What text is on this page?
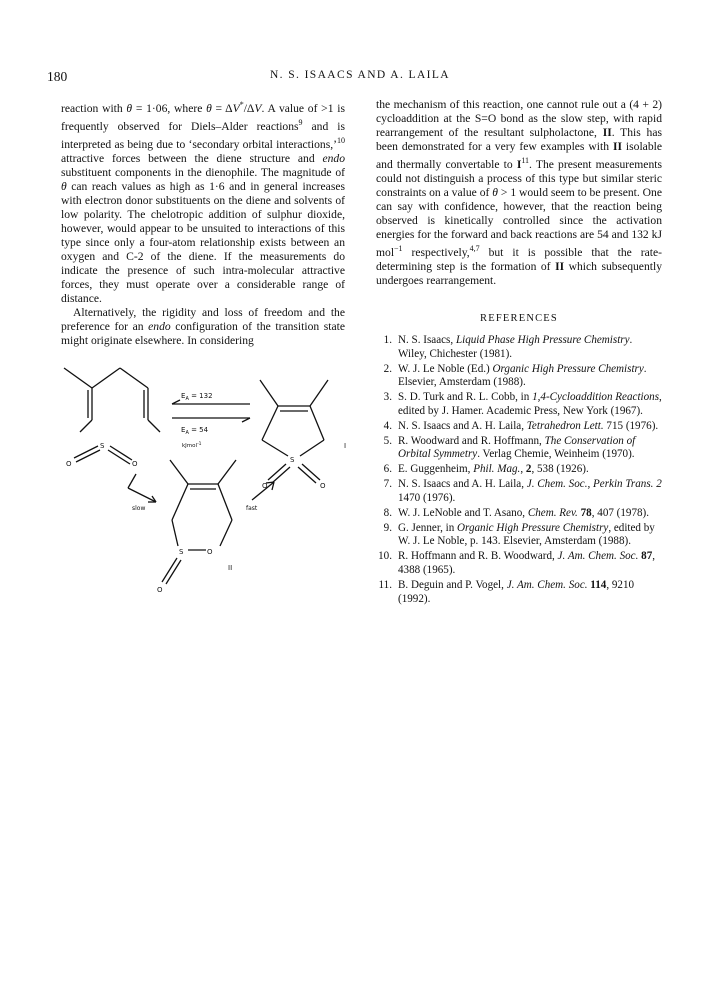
180	N. S. ISAACS AND A. LAILA

reaction with θ = 1·06, where θ = ΔV*/ΔV. A value of >1 is frequently observed for Diels–Alder reactions$^9$ and is interpreted as being due to ‘secondary orbital interactions,’$^{10}$ attractive forces between the diene structure and endo substituent components in the dienophile. The magnitude of θ can reach values as high as 1·6 and in general increases with electron donor substituents on the diene and solvents of low polarity. The chelotropic addition of sulphur dioxide, however, would appear to be unsuited to interactions of this type since only a four-atom relationship exists between an oxygen and C-2 of the diene. If the measurements do indicate the presence of such intra-molecular attractive forces, they must operate over a considerable range of distance.

Alternatively, the rigidity and loss of freedom and the preference for an endo configuration of the transition state might originate elsewhere. In considering

the mechanism of this reaction, one cannot rule out a (4 + 2) cycloaddition at the S=O bond as the slow step, with rapid rearrangement of the resultant sulpholactone, II. This has been demonstrated for a very few examples with II isolable and thermally convertable to $I^{11}$. The present measurements could not distinguish a process of this type but similar steric constraints on a value of θ > 1 would seem to be present. One can say with confidence, however, that the reaction being observed is kinetically controlled since the activation energies for the forward and back reactions are 54 and 132 kJ mol$^{-1}$ respectively,$^{4,7}$ but it is possible that the rate-determining step is the formation of II which subsequently undergoes rearrangement.

REFERENCES
1. N. S. Isaacs, Liquid Phase High Pressure Chemistry. Wiley, Chichester (1981).
2. W. J. Le Noble (Ed.) Organic High Pressure Chemistry. Elsevier, Amsterdam (1988).
3. S. D. Turk and R. L. Cobb, in 1,4-Cycloaddition Reactions, edited by J. Hamer. Academic Press, New York (1967).
4. N. S. Isaacs and A. H. Laila, Tetrahedron Lett. 715 (1976).
5. R. Woodward and R. Hoffmann, The Conservation of Orbital Symmetry. Verlag Chemie, Weinheim (1970).
6. E. Guggenheim, Phil. Mag., 2, 538 (1926).
7. N. S. Isaacs and A. H. Laila, J. Chem. Soc., Perkin Trans. 2 1470 (1976).
8. W. J. LeNoble and T. Asano, Chem. Rev. 78, 407 (1978).
9. G. Jenner, in Organic High Pressure Chemistry, edited by W. J. Le Noble, p. 143. Elsevier, Amsterdam (1988).
10. R. Hoffmann and R. B. Woodward, J. Am. Chem. Soc. 87, 4388 (1965).
11. B. Deguin and P. Vogel, J. Am. Chem. Soc. 114, 9210 (1992).
$E_A = 132$
$E_A = 54$
kJmol$^{-1}$
S
O	O	S
O	O
S	O
O
I
II
slow	fast
